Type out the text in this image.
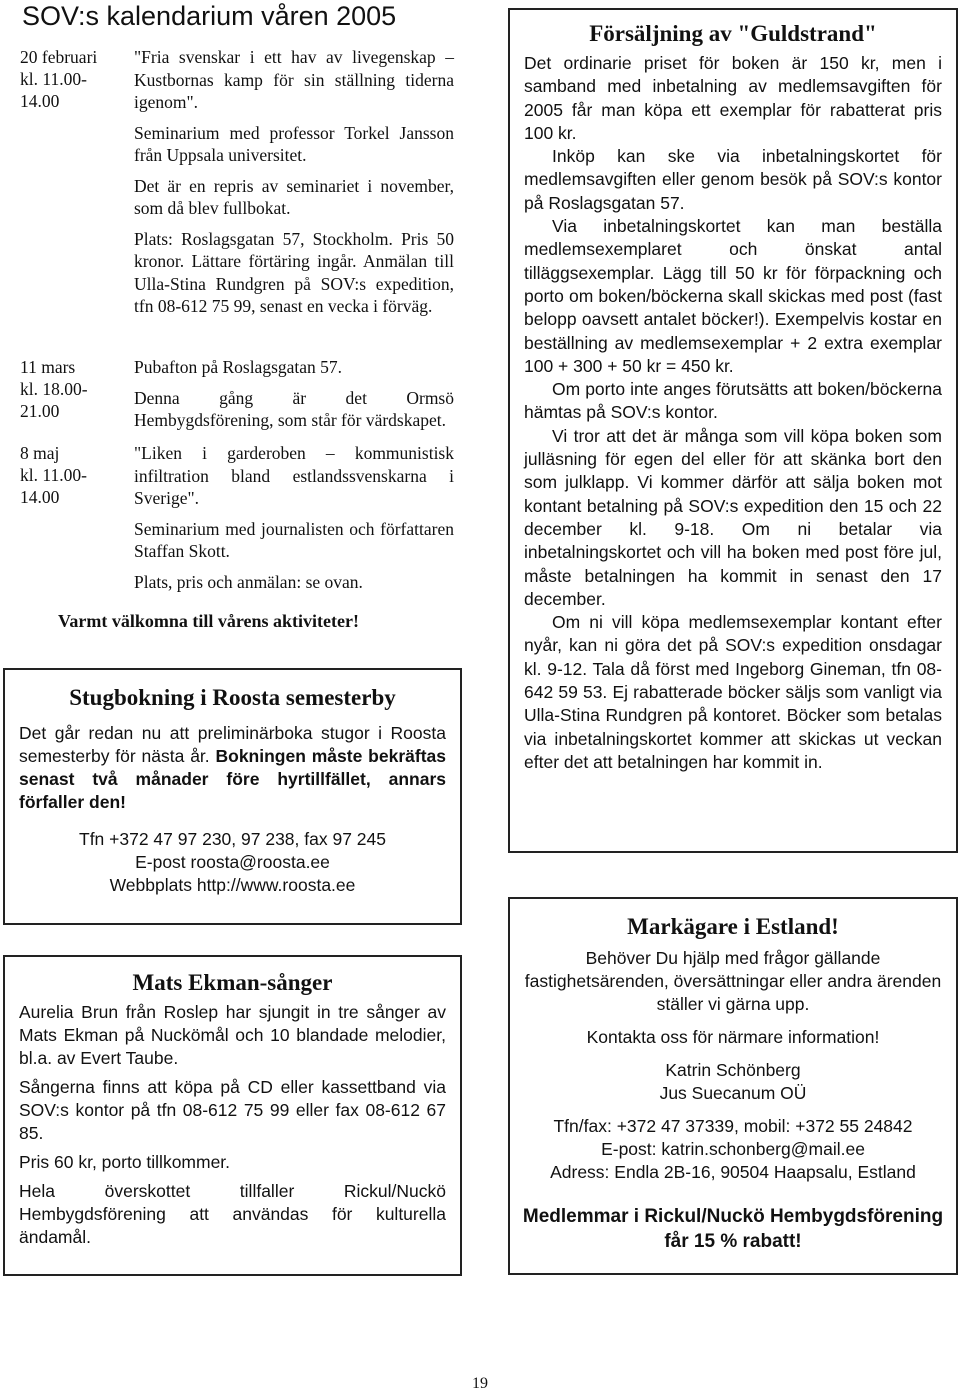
SOV:s kalendarium våren 2005
20 februari
kl. 11.00-
14.00

"Fria svenskar i ett hav av livegenskap – Kustbornas kamp för sin ställning tiderna igenom".

Seminarium med professor Torkel Jansson från Uppsala universitet.

Det är en repris av seminariet i november, som då blev fullbokat.

Plats: Roslagsgatan 57, Stockholm. Pris 50 kronor. Lättare förtäring ingår. Anmälan till Ulla-Stina Rundgren på SOV:s expedition, tfn 08-612 75 99, senast en vecka i förväg.

11 mars
kl. 18.00-
21.00

Pubafton på Roslagsgatan 57.

Denna gång är det Ormsö Hembygdsförening, som står för värdskapet.

8 maj
kl. 11.00-
14.00

"Liken i garderoben – kommunistisk infiltration bland estlandssvenskarna i Sverige".

Seminarium med journalisten och författaren Staffan Skott.

Plats, pris och anmälan: se ovan.

Varmt välkomna till vårens aktiviteter!
Stugbokning i Roosta semesterby

Det går redan nu att preliminärboka stugor i Roosta semesterby för nästa år. Bokningen måste bekräftas senast två månader före hyrtillfället, annars förfaller den!

Tfn +372 47 97 230, 97 238, fax 97 245
E-post roosta@roosta.ee
Webbplats http://www.roosta.ee
Mats Ekman-sånger

Aurelia Brun från Roslep har sjungit in tre sånger av Mats Ekman på Nuckömål och 10 blandade melodier, bl.a. av Evert Taube.

Sångerna finns att köpa på CD eller kassettband via SOV:s kontor på tfn 08-612 75 99 eller fax 08-612 67 85.

Pris 60 kr, porto tillkommer.

Hela överskottet tillfaller Rickul/Nuckö Hembygdsförening att användas för kulturella ändamål.

Försäljning av "Guldstrand"

Det ordinarie priset för boken är 150 kr, men i samband med inbetalning av medlemsavgiften för 2005 får man köpa ett exemplar för rabatterat pris 100 kr.

Inköp kan ske via inbetalningskortet för medlemsavgiften eller genom besök på SOV:s kontor på Roslagsgatan 57.

Via inbetalningskortet kan man beställa medlemsexemplaret och önskat antal tilläggsexemplar. Lägg till 50 kr för förpackning och porto om boken/böckerna skall skickas med post (fast belopp oavsett antalet böcker!). Exempelvis kostar en beställning av medlemsexemplar + 2 extra exemplar 100 + 300 + 50 kr = 450 kr.

Om porto inte anges förutsätts att boken/böckerna hämtas på SOV:s kontor.

Vi tror att det är många som vill köpa boken som julläsning för egen del eller för att skänka bort den som julklapp. Vi kommer därför att sälja boken mot kontant betalning på SOV:s expedition den 15 och 22 december kl. 9-18. Om ni betalar via inbetalningskortet och vill ha boken med post före jul, måste betalningen ha kommit in senast den 17 december.

Om ni vill köpa medlemsexemplar kontant efter nyår, kan ni göra det på SOV:s expedition onsdagar kl. 9-12. Tala då först med Ingeborg Gineman, tfn 08-642 59 53. Ej rabatterade böcker säljs som vanligt via Ulla-Stina Rundgren på kontoret. Böcker som betalas via inbetalningskortet kommer att skickas ut veckan efter det att betalningen har kommit in.

Markägare i Estland!

Behöver Du hjälp med frågor gällande fastighetsärenden, översättningar eller andra ärenden ställer vi gärna upp.

Kontakta oss för närmare information!

Katrin Schönberg

Jus Suecanum OÜ

Tfn/fax: +372 47 37339, mobil: +372 55 24842

E-post: katrin.schonberg@mail.ee

Adress: Endla 2B-16, 90504 Haapsalu, Estland

Medlemmar i Rickul/Nuckö Hembygdsförening får 15 % rabatt!

19
